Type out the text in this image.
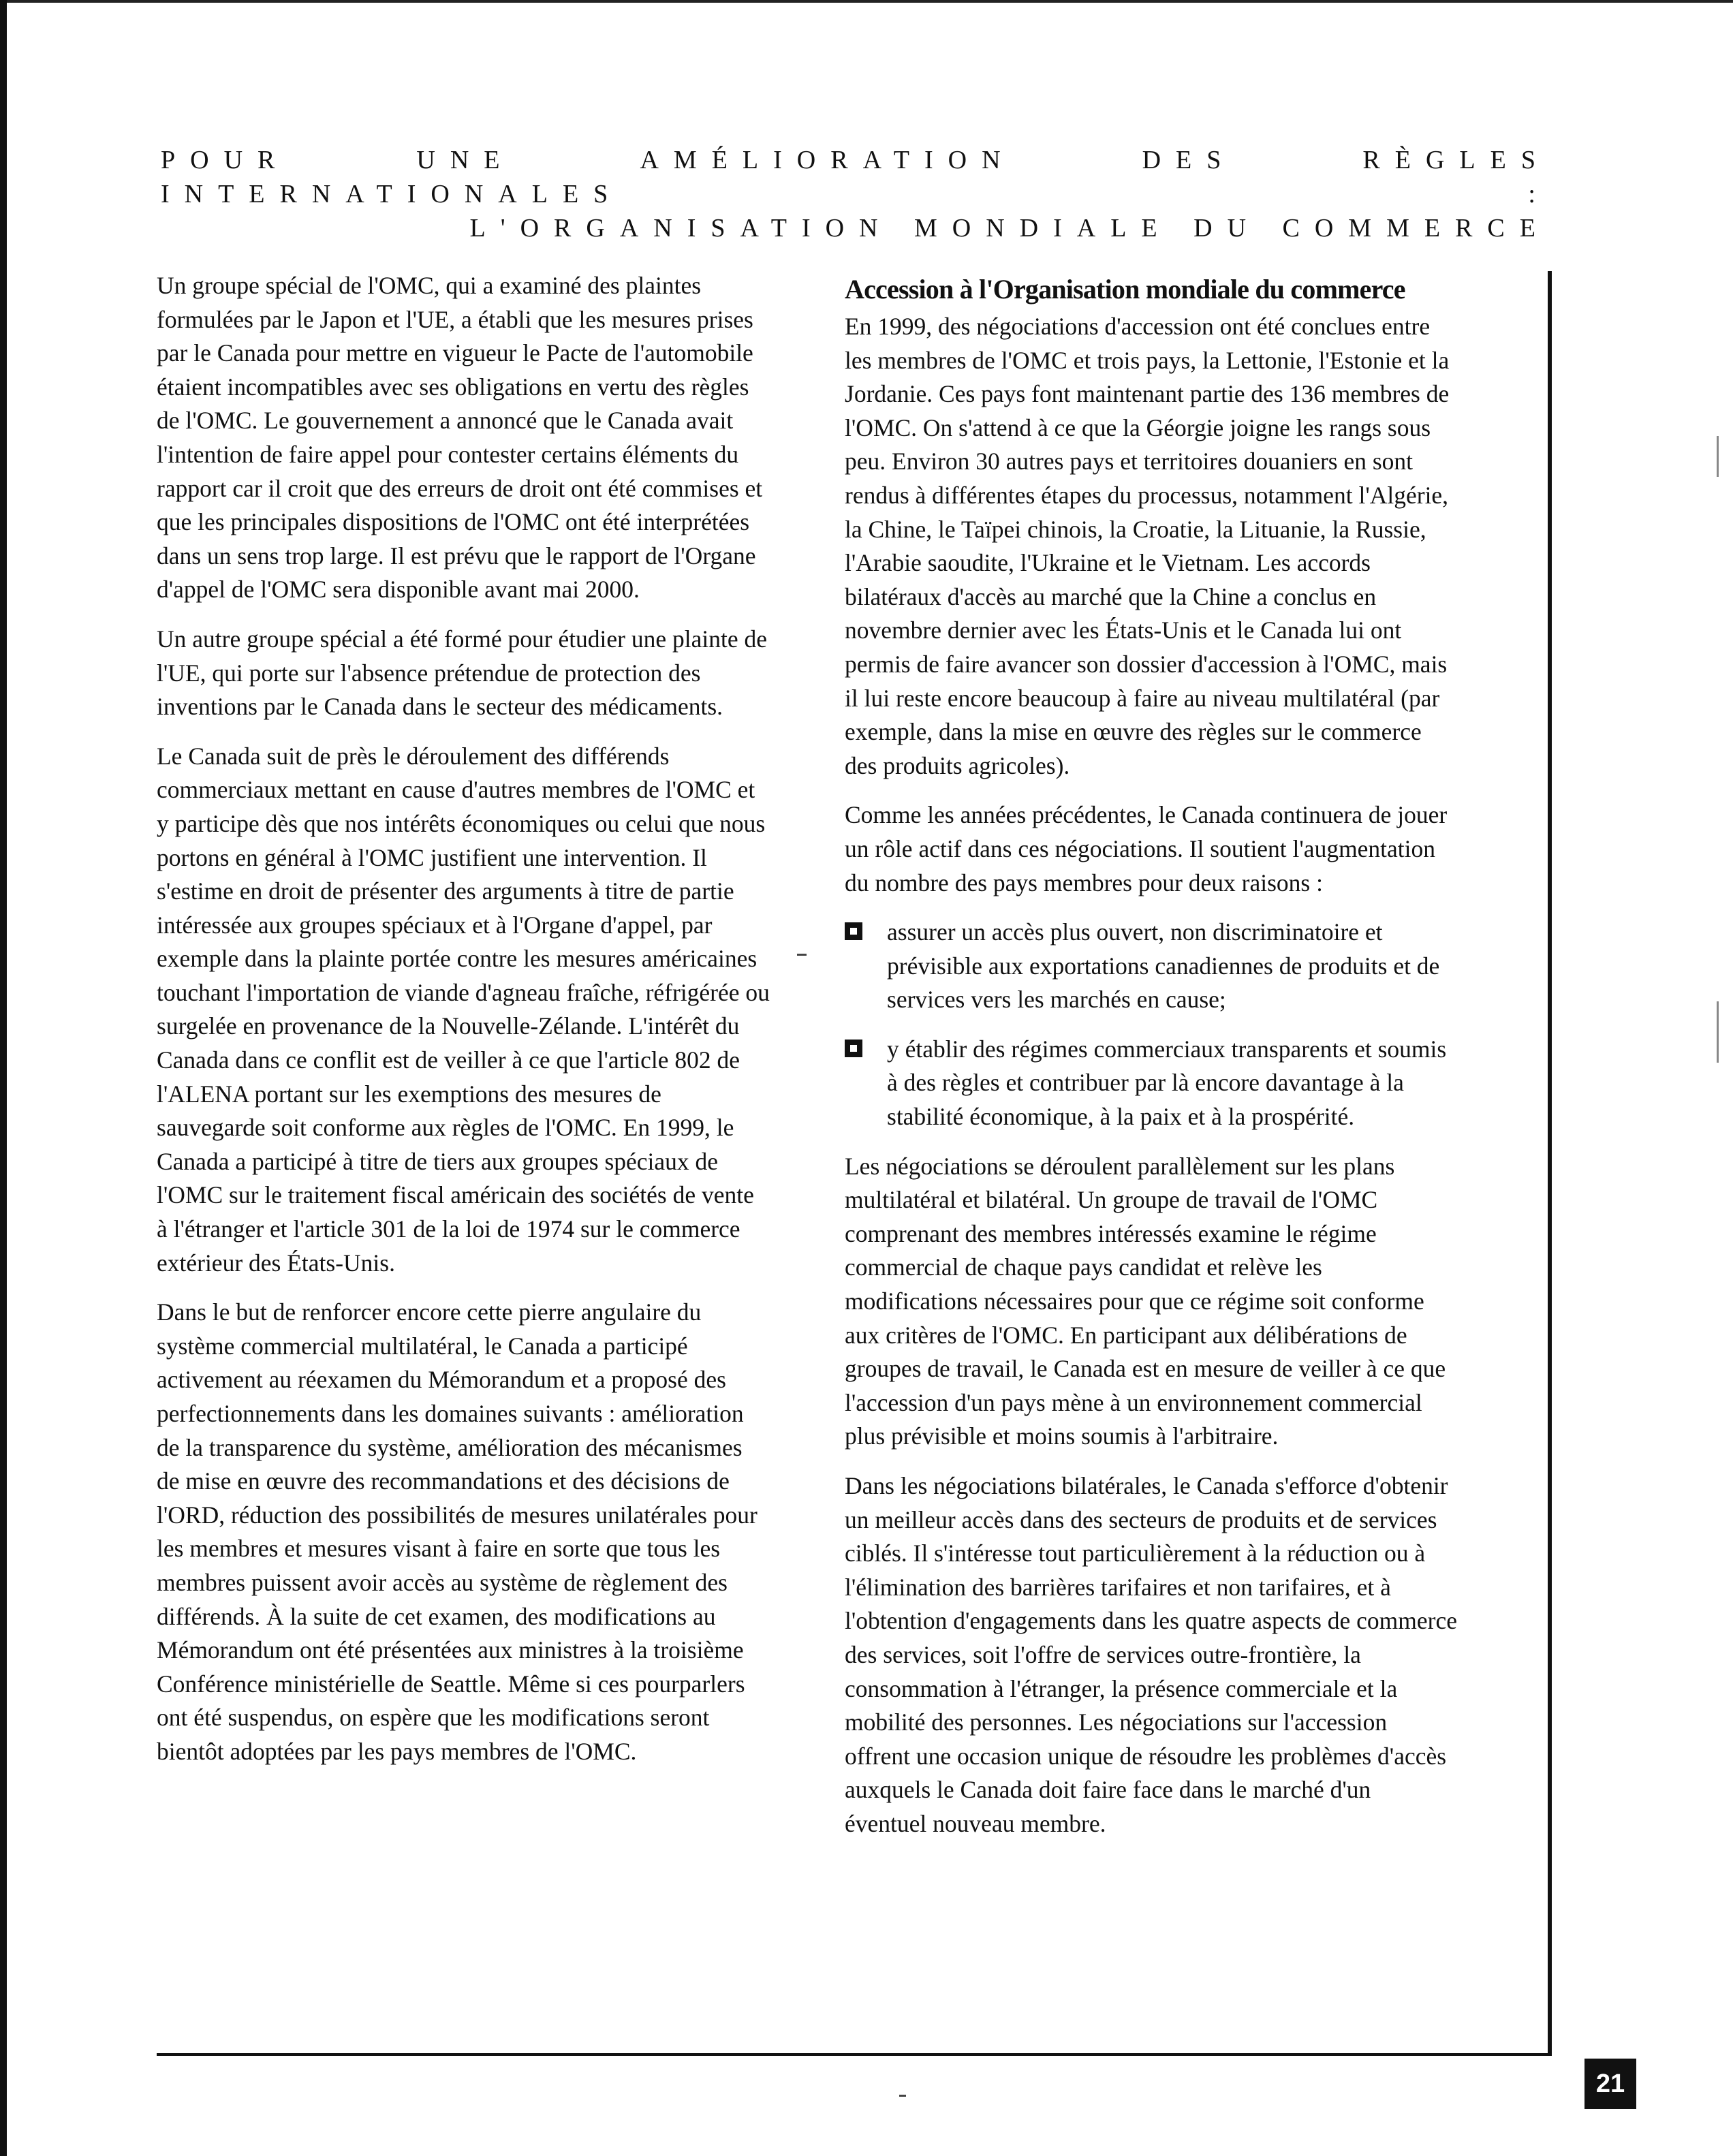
POUR UNE AMÉLIORATION DES RÈGLES INTERNATIONALES :
L'ORGANISATION MONDIALE DU COMMERCE

Un groupe spécial de l'OMC, qui a examiné des plaintes formulées par le Japon et l'UE, a établi que les mesures prises par le Canada pour mettre en vigueur le Pacte de l'automobile étaient incompatibles avec ses obligations en vertu des règles de l'OMC. Le gouvernement a annoncé que le Canada avait l'intention de faire appel pour contester certains éléments du rapport car il croit que des erreurs de droit ont été commises et que les principales dispositions de l'OMC ont été interprétées dans un sens trop large. Il est prévu que le rapport de l'Organe d'appel de l'OMC sera disponible avant mai 2000.

Un autre groupe spécial a été formé pour étudier une plainte de l'UE, qui porte sur l'absence prétendue de protection des inventions par le Canada dans le secteur des médicaments.

Le Canada suit de près le déroulement des différends commerciaux mettant en cause d'autres membres de l'OMC et y participe dès que nos intérêts économiques ou celui que nous portons en général à l'OMC justifient une intervention. Il s'estime en droit de présenter des arguments à titre de partie intéressée aux groupes spéciaux et à l'Organe d'appel, par exemple dans la plainte portée contre les mesures américaines touchant l'importation de viande d'agneau fraîche, réfrigérée ou surgelée en provenance de la Nouvelle-Zélande. L'intérêt du Canada dans ce conflit est de veiller à ce que l'article 802 de l'ALENA portant sur les exemptions des mesures de sauvegarde soit conforme aux règles de l'OMC. En 1999, le Canada a participé à titre de tiers aux groupes spéciaux de l'OMC sur le traitement fiscal américain des sociétés de vente à l'étranger et l'article 301 de la loi de 1974 sur le commerce extérieur des États-Unis.

Dans le but de renforcer encore cette pierre angulaire du système commercial multilatéral, le Canada a participé activement au réexamen du Mémorandum et a proposé des perfectionnements dans les domaines suivants : amélioration de la transparence du système, amélioration des mécanismes de mise en œuvre des recommandations et des décisions de l'ORD, réduction des possibilités de mesures unilatérales pour les membres et mesures visant à faire en sorte que tous les membres puissent avoir accès au système de règlement des différends. À la suite de cet examen, des modifications au Mémorandum ont été présentées aux ministres à la troisième Conférence ministérielle de Seattle. Même si ces pourparlers ont été suspendus, on espère que les modifications seront bientôt adoptées par les pays membres de l'OMC.

Accession à l'Organisation mondiale du commerce

En 1999, des négociations d'accession ont été conclues entre les membres de l'OMC et trois pays, la Lettonie, l'Estonie et la Jordanie. Ces pays font maintenant partie des 136 membres de l'OMC. On s'attend à ce que la Géorgie joigne les rangs sous peu. Environ 30 autres pays et territoires douaniers en sont rendus à différentes étapes du processus, notamment l'Algérie, la Chine, le Taïpei chinois, la Croatie, la Lituanie, la Russie, l'Arabie saoudite, l'Ukraine et le Vietnam. Les accords bilatéraux d'accès au marché que la Chine a conclus en novembre dernier avec les États-Unis et le Canada lui ont permis de faire avancer son dossier d'accession à l'OMC, mais il lui reste encore beaucoup à faire au niveau multilatéral (par exemple, dans la mise en œuvre des règles sur le commerce des produits agricoles).

Comme les années précédentes, le Canada continuera de jouer un rôle actif dans ces négociations. Il soutient l'augmentation du nombre des pays membres pour deux raisons :

assurer un accès plus ouvert, non discriminatoire et prévisible aux exportations canadiennes de produits et de services vers les marchés en cause;
y établir des régimes commerciaux transparents et soumis à des règles et contribuer par là encore davantage à la stabilité économique, à la paix et à la prospérité.

Les négociations se déroulent parallèlement sur les plans multilatéral et bilatéral. Un groupe de travail de l'OMC comprenant des membres intéressés examine le régime commercial de chaque pays candidat et relève les modifications nécessaires pour que ce régime soit conforme aux critères de l'OMC. En participant aux délibérations de groupes de travail, le Canada est en mesure de veiller à ce que l'accession d'un pays mène à un environnement commercial plus prévisible et moins soumis à l'arbitraire.

Dans les négociations bilatérales, le Canada s'efforce d'obtenir un meilleur accès dans des secteurs de produits et de services ciblés. Il s'intéresse tout particulièrement à la réduction ou à l'élimination des barrières tarifaires et non tarifaires, et à l'obtention d'engagements dans les quatre aspects de commerce des services, soit l'offre de services outre-frontière, la consommation à l'étranger, la présence commerciale et la mobilité des personnes. Les négociations sur l'accession offrent une occasion unique de résoudre les problèmes d'accès auxquels le Canada doit faire face dans le marché d'un éventuel nouveau membre.

21
